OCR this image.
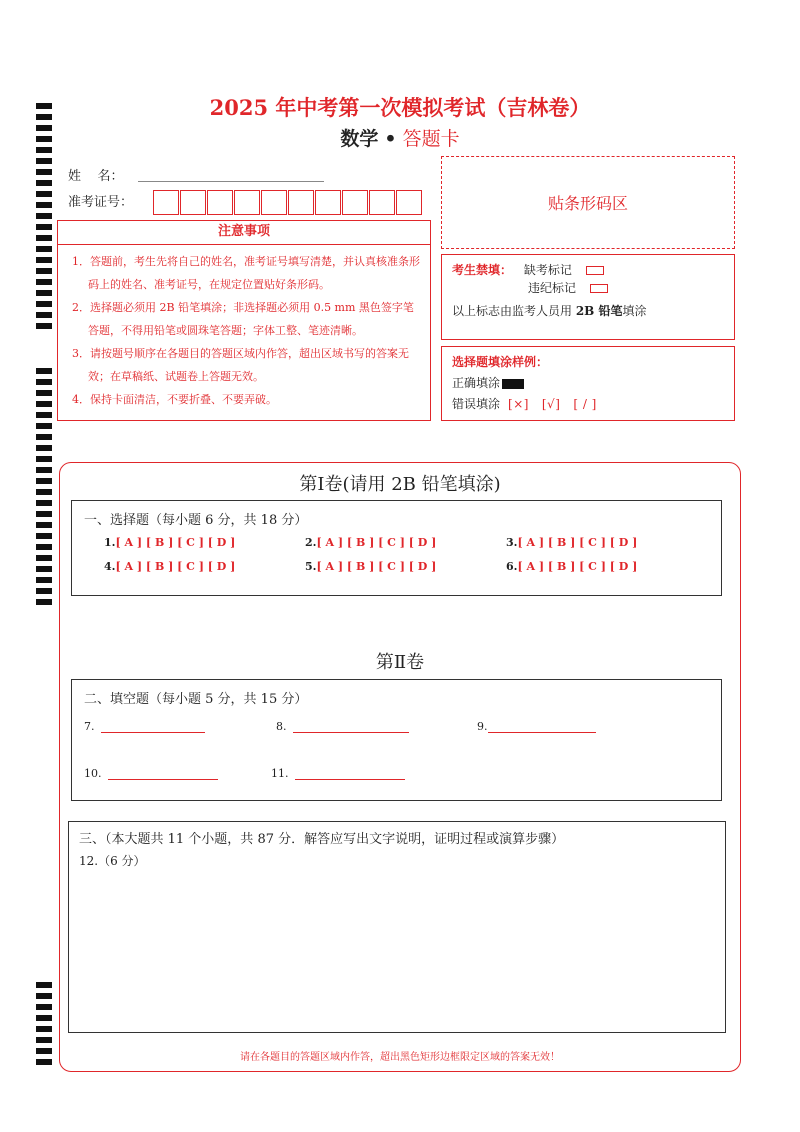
2025 年中考第一次模拟考试（吉林卷）
数学 • 答题卡
姓    名：
准考证号：	贴条形码区
注意事项

1．答题前，考生先将自己的姓名，准考证号填写清楚，并认真核准条形码上的姓名、准考证号，在规定位置贴好条形码。

2．选择题必须用 2B 铅笔填涂；非选择题必须用 0.5 mm 黑色签字笔答题，不得用铅笔或圆珠笔答题；字体工整、笔迹清晰。

3．请按题号顺序在各题目的答题区域内作答，超出区域书写的答案无效；在草稿纸、试题卷上答题无效。

4．保持卡面清洁，不要折叠、不要弄破。

考生禁填： 缺考标记
违纪标记
以上标志由监考人员用 2B 铅笔填涂
选择题填涂样例：
正确填涂
错误填涂 [×]   [√]   [ / ]
第Ⅰ卷(请用 2B 铅笔填涂)
一、选择题（每小题 6 分，共 18 分）
1.[ A ] [ B ] [ C ] [ D ]	2.[ A ] [ B ] [ C ] [ D ]	3.[ A ] [ B ] [ C ] [ D ]
4.[ A ] [ B ] [ C ] [ D ]	5.[ A ] [ B ] [ C ] [ D ]	6.[ A ] [ B ] [ C ] [ D ]
第Ⅱ卷
二、填空题（每小题 5 分，共 15 分）
7.	8.	9.
10.	11.
三、（本大题共 11 个小题，共 87 分．解答应写出文字说明，证明过程或演算步骤）
12.（6 分）
请在各题目的答题区域内作答，超出黑色矩形边框限定区域的答案无效！
